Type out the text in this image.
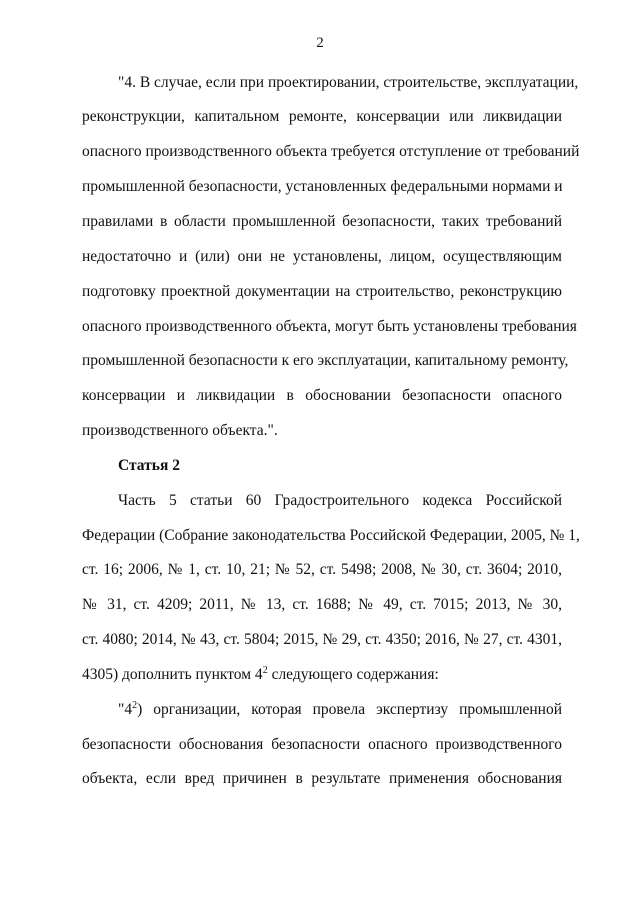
2
"4. В случае, если при проектировании, строительстве, эксплуатации,
реконструкции, капитальном ремонте, консервации или ликвидации
опасного производственного объекта требуется отступление от требований
промышленной безопасности, установленных федеральными нормами и
правилами в области промышленной безопасности, таких требований
недостаточно и (или) они не установлены, лицом, осуществляющим
подготовку проектной документации на строительство, реконструкцию
опасного производственного объекта, могут быть установлены требования
промышленной безопасности к его эксплуатации, капитальному ремонту,
консервации и ликвидации в обосновании безопасности опасного
производственного объекта.".
Статья 2
Часть 5 статьи 60 Градостроительного кодекса Российской
Федерации (Собрание законодательства Российской Федерации, 2005, № 1,
ст. 16; 2006, № 1, ст. 10, 21; № 52, ст. 5498; 2008, № 30, ст. 3604; 2010,
№ 31, ст. 4209; 2011, № 13, ст. 1688; № 49, ст. 7015; 2013, № 30,
ст. 4080; 2014, № 43, ст. 5804; 2015, № 29, ст. 4350; 2016, № 27, ст. 4301,
4305) дополнить пунктом $4^2$ следующего содержания:
"$4^2$) организации, которая провела экспертизу промышленной
безопасности обоснования безопасности опасного производственного
объекта, если вред причинен в результате применения обоснования
